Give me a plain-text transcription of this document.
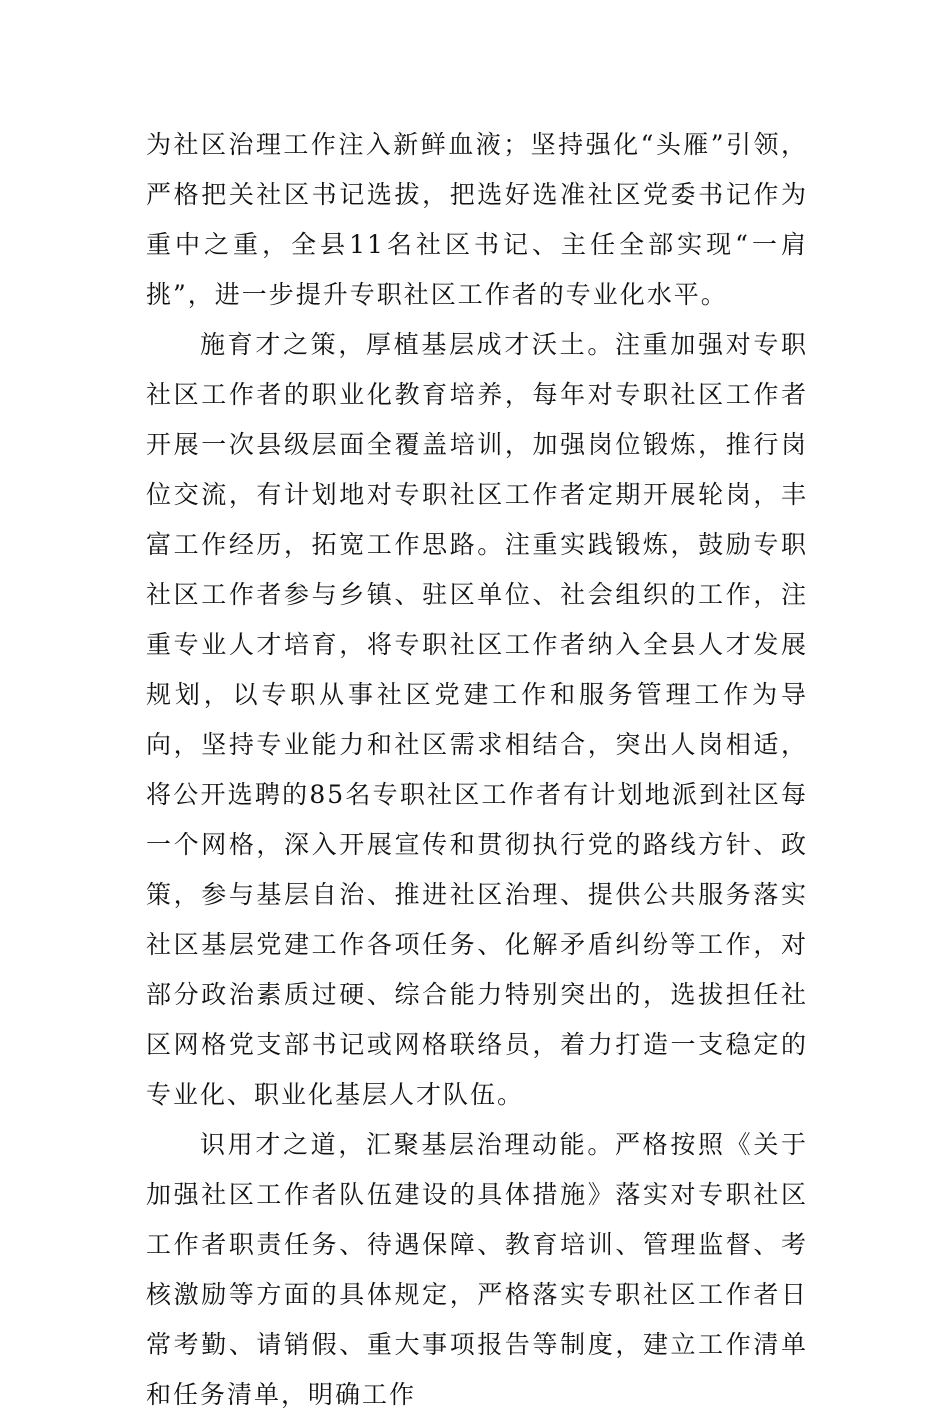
为社区治理工作注入新鲜血液；坚持强化“头雁”引领，严格把关社区书记选拔，把选好选准社区党委书记作为重中之重，全县11名社区书记、主任全部实现“一肩挑”，进一步提升专职社区工作者的专业化水平。

施育才之策，厚植基层成才沃土。注重加强对专职社区工作者的职业化教育培养，每年对专职社区工作者开展一次县级层面全覆盖培训，加强岗位锻炼，推行岗位交流，有计划地对专职社区工作者定期开展轮岗，丰富工作经历，拓宽工作思路。注重实践锻炼，鼓励专职社区工作者参与乡镇、驻区单位、社会组织的工作，注重专业人才培育，将专职社区工作者纳入全县人才发展规划，以专职从事社区党建工作和服务管理工作为导向，坚持专业能力和社区需求相结合，突出人岗相适，将公开选聘的85名专职社区工作者有计划地派到社区每一个网格，深入开展宣传和贯彻执行党的路线方针、政策，参与基层自治、推进社区治理、提供公共服务落实社区基层党建工作各项任务、化解矛盾纠纷等工作，对部分政治素质过硬、综合能力特别突出的，选拔担任社区网格党支部书记或网格联络员，着力打造一支稳定的专业化、职业化基层人才队伍。

识用才之道，汇聚基层治理动能。严格按照《关于加强社区工作者队伍建设的具体措施》落实对专职社区工作者职责任务、待遇保障、教育培训、管理监督、考核激励等方面的具体规定，严格落实专职社区工作者日常考勤、请销假、重大事项报告等制度，建立工作清单和任务清单，明确工作
